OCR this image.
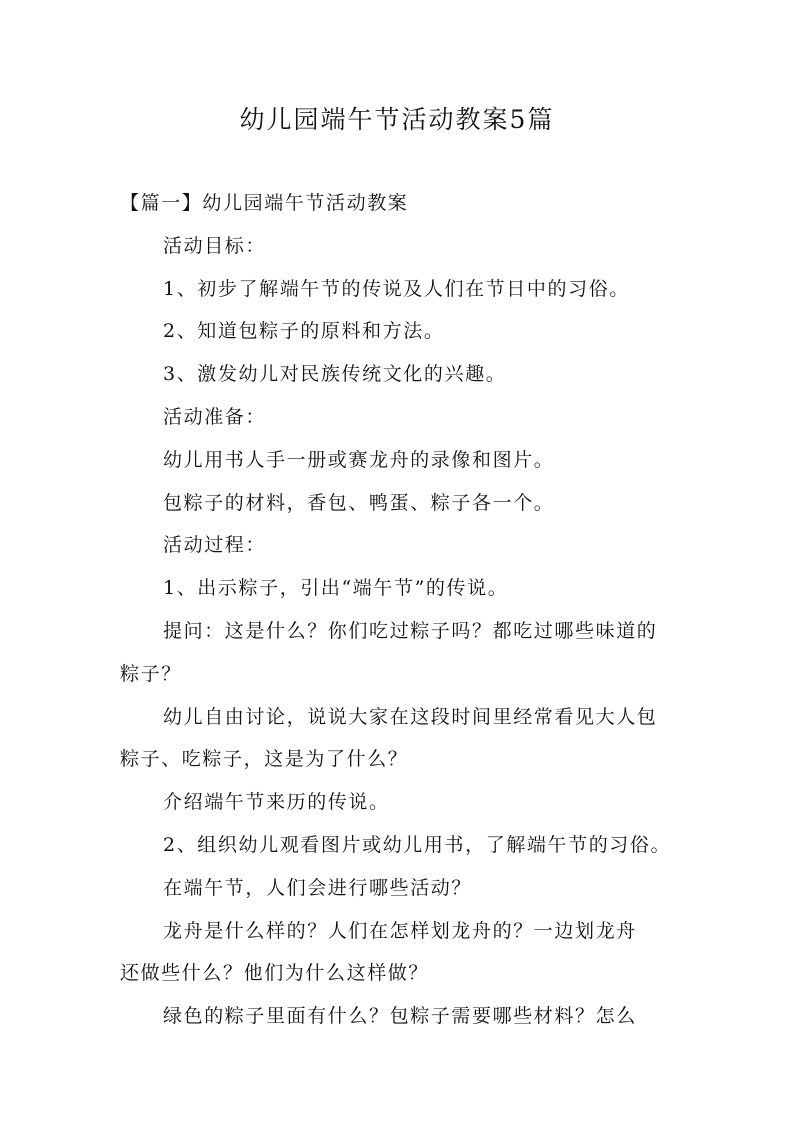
幼儿园端午节活动教案5篇

【篇一】幼儿园端午节活动教案

活动目标：

1、初步了解端午节的传说及人们在节日中的习俗。

2、知道包粽子的原料和方法。

3、激发幼儿对民族传统文化的兴趣。

活动准备：

幼儿用书人手一册或赛龙舟的录像和图片。

包粽子的材料，香包、鸭蛋、粽子各一个。

活动过程：

1、出示粽子，引出“端午节”的传说。

提问：这是什么？你们吃过粽子吗？都吃过哪些味道的

粽子？

幼儿自由讨论，说说大家在这段时间里经常看见大人包

粽子、吃粽子，这是为了什么？

介绍端午节来历的传说。

2、组织幼儿观看图片或幼儿用书，了解端午节的习俗。

在端午节，人们会进行哪些活动？

龙舟是什么样的？人们在怎样划龙舟的？一边划龙舟

还做些什么？他们为什么这样做？

绿色的粽子里面有什么？包粽子需要哪些材料？怎么
